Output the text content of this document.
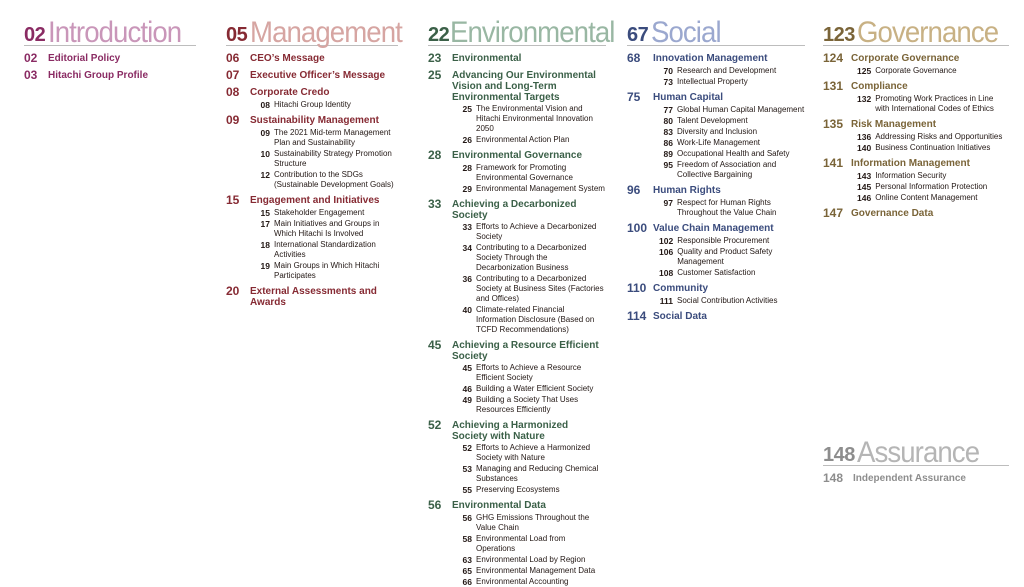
02 Introduction
02	Editorial Policy
03	Hitachi Group Profile
05 Management
06	CEO’s Message
07	Executive Officer’s Message
08	Corporate Credo
08 Hitachi Group Identity
09	Sustainability Management
09 The 2021 Mid-term Management Plan and Sustainability
10 Sustainability Strategy Promotion Structure
12 Contribution to the SDGs (Sustainable Development Goals)
15	Engagement and Initiatives
15 Stakeholder Engagement
17 Main Initiatives and Groups in Which Hitachi Is Involved
18 International Standardization Activities
19 Main Groups in Which Hitachi Participates
20	External Assessments and Awards
22 Environmental
23	Environmental
25	Advancing Our Environmental Vision and Long-Term Environmental Targets
25 The Environmental Vision and Hitachi Environmental Innovation 2050
26 Environmental Action Plan
28	Environmental Governance
28 Framework for Promoting Environmental Governance
29 Environmental Management System
33	Achieving a Decarbonized Society
33 Efforts to Achieve a Decarbonized Society
34 Contributing to a Decarbonized Society Through the Decarbonization Business
36 Contributing to a Decarbonized Society at Business Sites (Factories and Offices)
40 Climate-related Financial Information Disclosure (Based on TCFD Recommendations)
45	Achieving a Resource Efficient Society
45 Efforts to Achieve a Resource Efficient Society
46 Building a Water Efficient Society
49 Building a Society That Uses Resources Efficiently
52	Achieving a Harmonized Society with Nature
52 Efforts to Achieve a Harmonized Society with Nature
53 Managing and Reducing Chemical Substances
55 Preserving Ecosystems
56	Environmental Data
56 GHG Emissions Throughout the Value Chain
58 Environmental Load from Operations
63 Environmental Load by Region
65 Environmental Management Data
66 Environmental Accounting
67 Social
68	Innovation Management
70 Research and Development
73 Intellectual Property
75	Human Capital
77 Global Human Capital Management
80 Talent Development
83 Diversity and Inclusion
86 Work-Life Management
89 Occupational Health and Safety
95 Freedom of Association and Collective Bargaining
96	Human Rights
97 Respect for Human Rights Throughout the Value Chain
100 Value Chain Management
102 Responsible Procurement
106 Quality and Product Safety Management
108 Customer Satisfaction
110 Community
111 Social Contribution Activities
114 Social Data
123 Governance
124 Corporate Governance
125 Corporate Governance
131 Compliance
132 Promoting Work Practices in Line with International Codes of Ethics
135 Risk Management
136 Addressing Risks and Opportunities
140 Business Continuation Initiatives
141 Information Management
143 Information Security
145 Personal Information Protection
146 Online Content Management
147 Governance Data
148 Assurance
148 Independent Assurance
